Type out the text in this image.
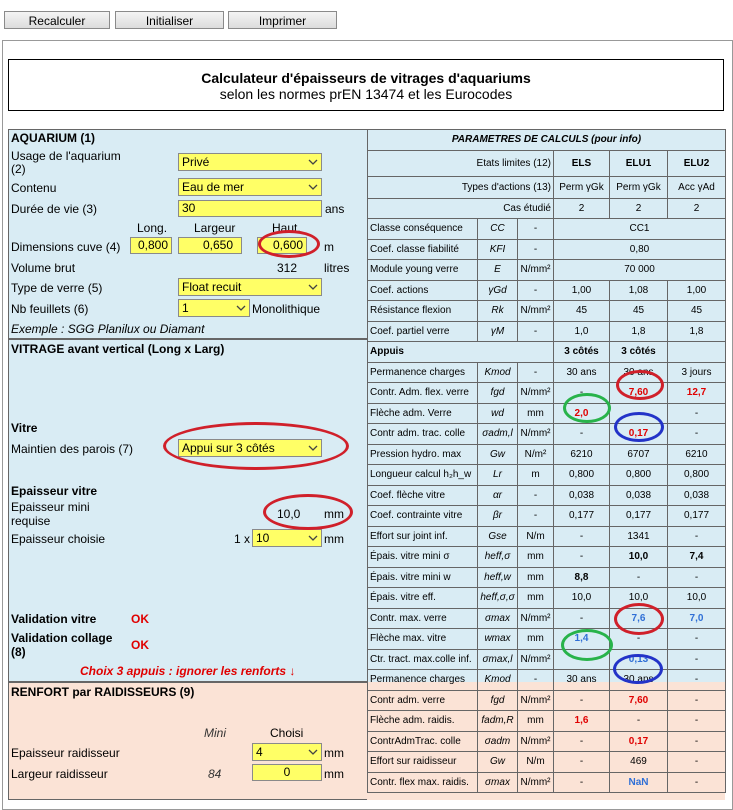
Recalculer	Initialiser	Imprimer
Calculateur d'épaisseurs de vitrages d'aquariums
selon les normes prEN 13474 et les Eurocodes
AQUARIUM (1)
Usage de l'aquarium
(2)	Privé
Contenu	Eau de mer
Durée de vie (3)	30	ans
Long. Largeur	Haut.
Dimensions cuve (4)	0,800	0,650	0,600	m
Volume brut	312 litres
Type de verre (5)	Float recuit
Nb feuillets (6)	1	Monolithique
Exemple : SGG Planilux ou Diamant
VITRAGE avant vertical (Long x Larg)
Vitre
Maintien des parois (7)	Appui sur 3 côtés
Epaisseur vitre
Epaisseur mini
requise	10,0 mm
Epaisseur choisie	1 x 10	mm
Validation vitre	OK
Validation collage
(8)	OK
Choix 3 appuis : ignorer les renforts ↓
RENFORT par RAIDISSEURS (9)
Mini	Choisi
Epaisseur raidisseur	4	mm
Largeur raidisseur	84	0	mm
PARAMETRES DE CALCULS (pour info)					
Etats limites (12)			ELS	ELU1	ELU2
Types d'actions (13)			Perm γGk	Perm γGk	Acc γAd
Cas étudié			2	2	2
Classe conséquence	CC	-	CC1		
Coef. classe fiabilité	KFI	-	0,80		
Module young verre	E	N/mm²	70 000		
Coef. actions	γGd	-	1,00	1,08	1,00
Résistance flexion	Rk	N/mm²	45	45	45
Coef. partiel verre	γM	-	1,0	1,8	1,8
Appuis			3 côtés	3 côtés	
Permanence charges	Kmod	-	30 ans	30 ans	3 jours
Contr. Adm. flex. verre	fgd	N/mm²	-	7,60	12,7
Flèche adm. Verre	wd	mm	2,0	-	-
Contr adm. trac. colle	σadm,l	N/mm²	-	0,17	-
Pression hydro. max	Gw	N/m²	6210	6707	6210
Longueur calcul h₂h_w	Lr	m	0,800	0,800	0,800
Coef. flèche vitre	αr	-	0,038	0,038	0,038
Coef. contrainte vitre	βr	-	0,177	0,177	0,177
Effort sur joint inf.	Gse	N/m	-	1341	-
Épais. vitre mini σ	heff,σ	mm	-	10,0	7,4
Épais. vitre mini w	heff,w	mm	8,8	-	-
Épais. vitre eff.	heff,σ,σ	mm	10,0	10,0	10,0
Contr. max. verre	σmax	N/mm²	-	7,6	7,0
Flèche max. vitre	wmax	mm	1,4	-	-
Ctr. tract. max.colle inf.	σmax,l	N/mm²	-	0,13	-
Permanence charges	Kmod	-	30 ans	30 ans	-
Contr adm. verre	fgd	N/mm²	-	7,60	-
Flèche adm. raidis.	fadm,R	mm	1,6	-	-
ContrAdmTrac. colle	σadm	N/mm²	-	0,17	-
Effort sur raidisseur	Gw	N/m	-	469	-
Contr. flex max. raidis.	σmax	N/mm²	-	NaN	-
